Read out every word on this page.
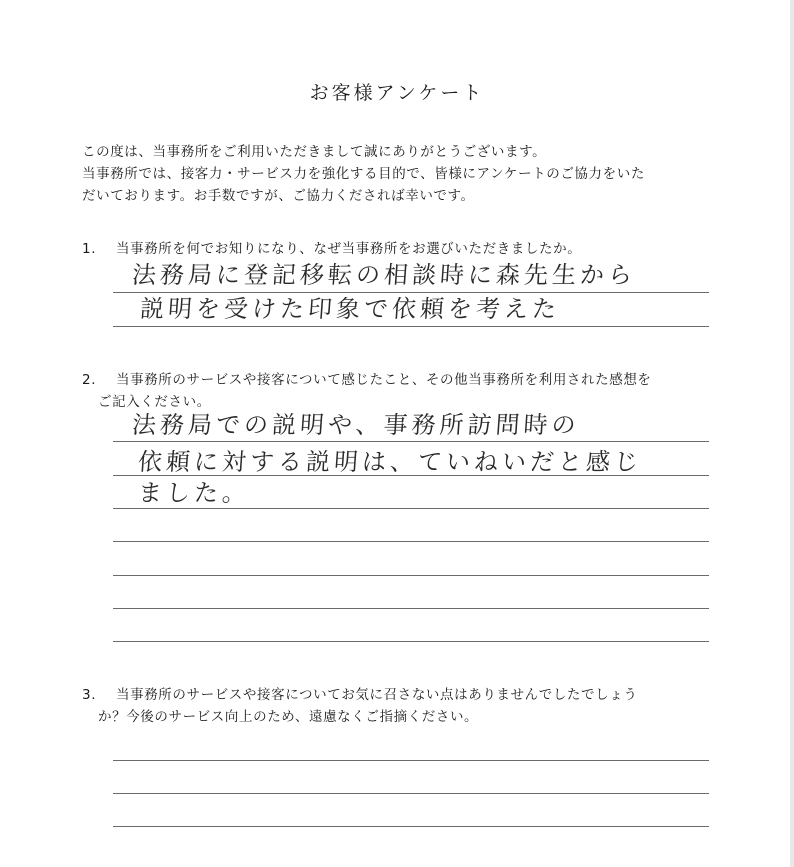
お客様アンケート
この度は、当事務所をご利用いただきまして誠にありがとうございます。
当事務所では、接客力・サービス力を強化する目的で、皆様にアンケートのご協力をいた
だいております。お手数ですが、ご協力くだされば幸いです。
1. 当事務所を何でお知りになり、なぜ当事務所をお選びいただきましたか。
法務局に登記移転の相談時に森先生から
説明を受けた印象で依頼を考えた
2. 当事務所のサービスや接客について感じたこと、その他当事務所を利用された感想を
ご記入ください。
法務局での説明や、事務所訪問時の
依頼に対する説明は、ていねいだと感じ
ました。
3. 当事務所のサービスや接客についてお気に召さない点はありませんでしたでしょう
か？今後のサービス向上のため、遠慮なくご指摘ください。
